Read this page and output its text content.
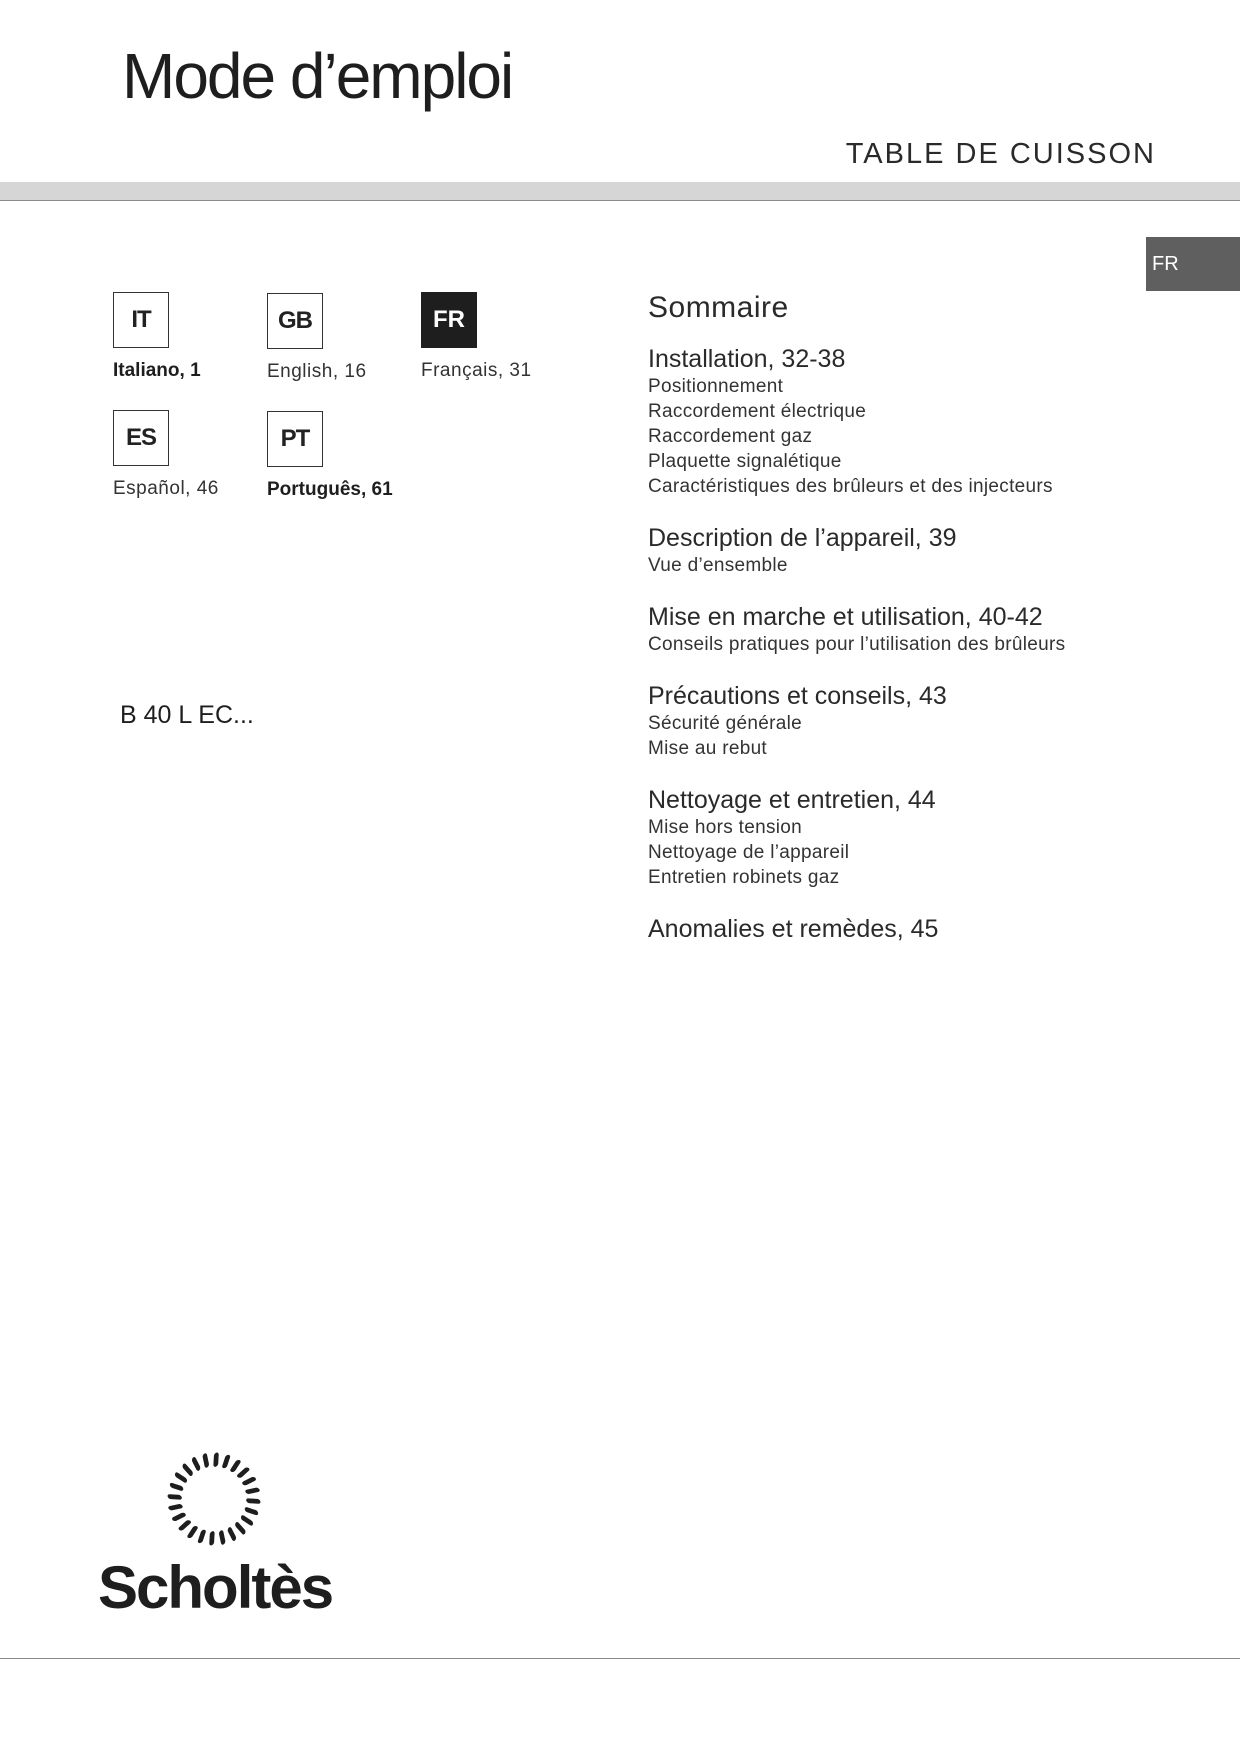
Mode d’emploi
TABLE DE CUISSON
FR
IT
Italiano, 1
GB
English, 16
FR
Français, 31
ES
Español, 46
PT
Português, 61
B 40 L EC...
Sommaire
Installation, 32-38
Positionnement
Raccordement électrique
Raccordement gaz
Plaquette signalétique
Caractéristiques des brûleurs et des injecteurs
Description de l’appareil, 39
Vue d’ensemble
Mise en marche et utilisation, 40-42
Conseils pratiques pour l’utilisation des brûleurs
Précautions et conseils, 43
Sécurité générale
Mise au rebut
Nettoyage et entretien, 44
Mise hors tension
Nettoyage de l’appareil
Entretien robinets gaz
Anomalies et remèdes, 45
Scholtès
